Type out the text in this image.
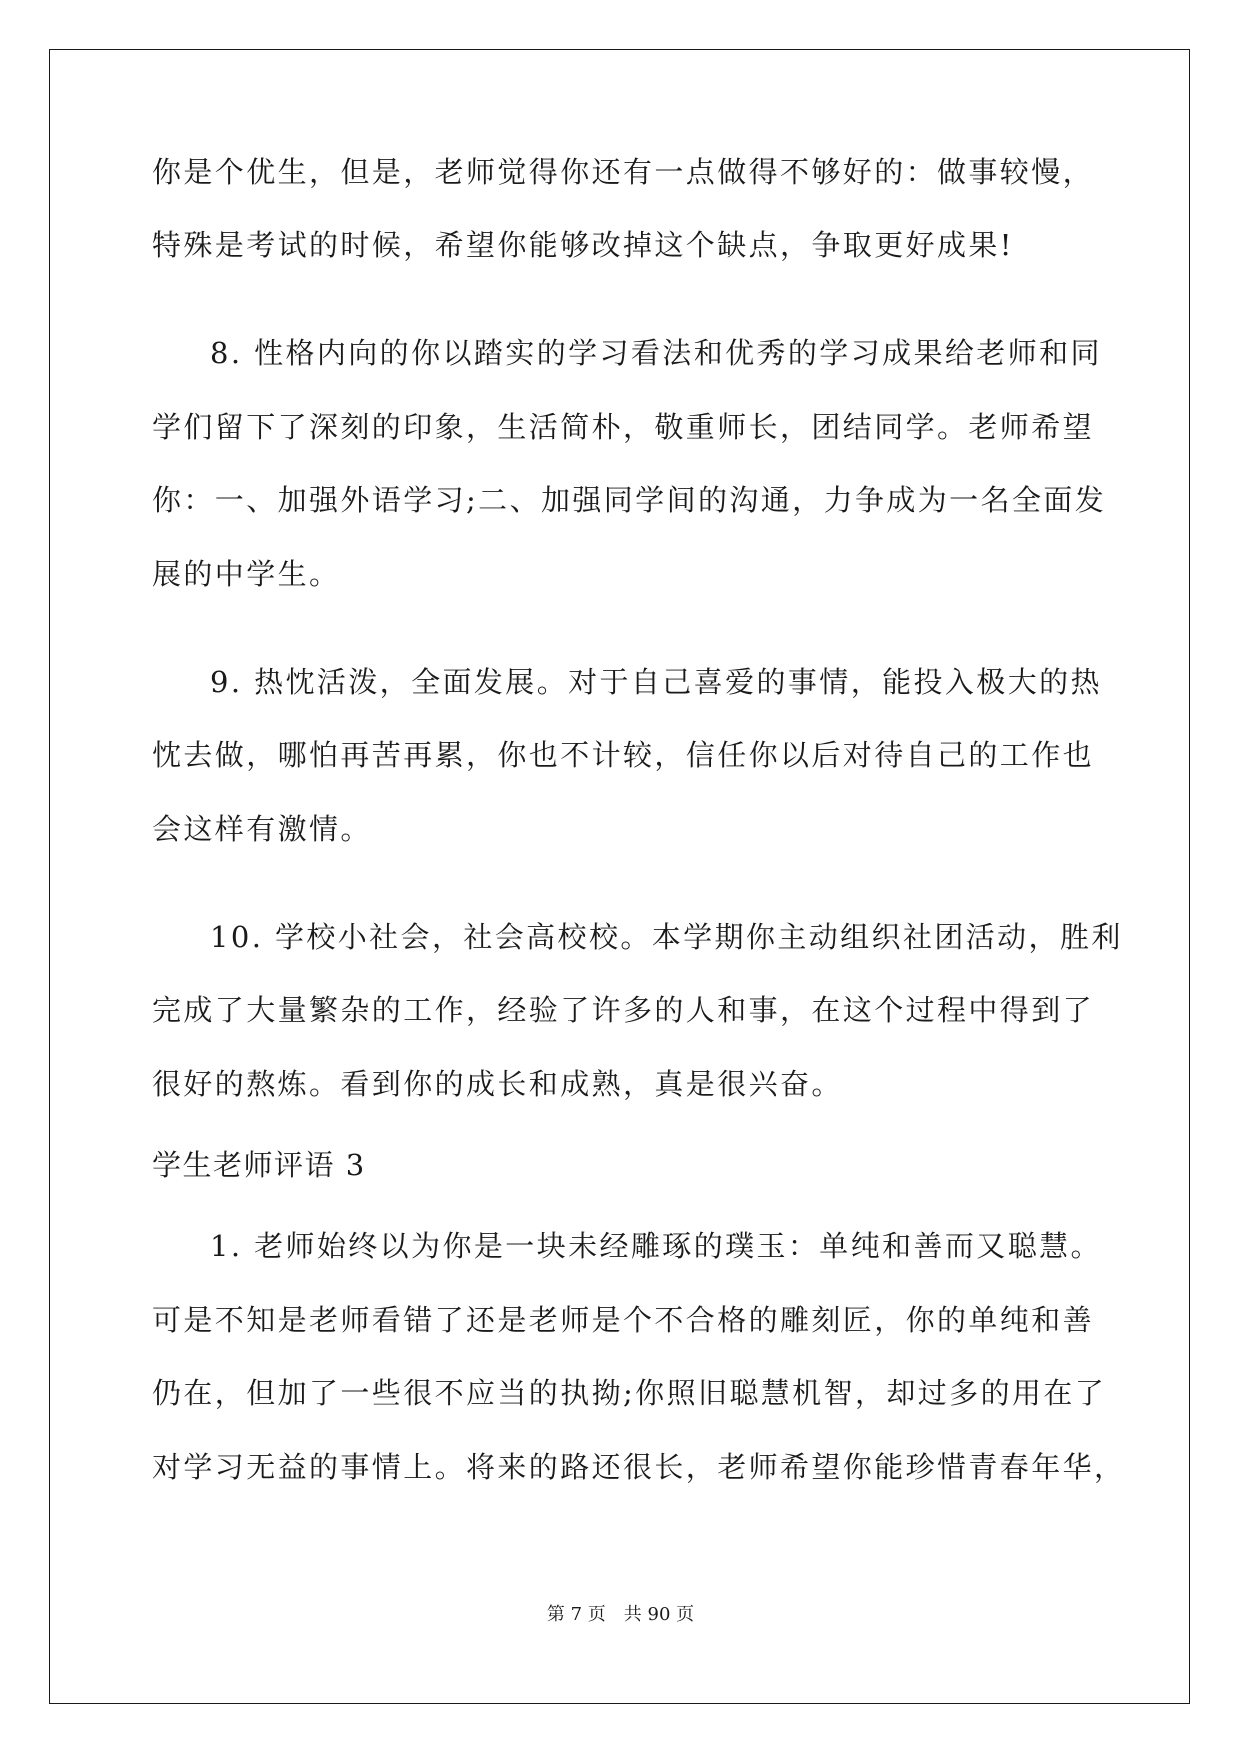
你是个优生，但是，老师觉得你还有一点做得不够好的：做事较慢，
特殊是考试的时候，希望你能够改掉这个缺点，争取更好成果!
8. 性格内向的你以踏实的学习看法和优秀的学习成果给老师和同
学们留下了深刻的印象，生活简朴，敬重师长，团结同学。老师希望
你：一、加强外语学习;二、加强同学间的沟通，力争成为一名全面发
展的中学生。
9. 热忱活泼，全面发展。对于自己喜爱的事情，能投入极大的热
忱去做，哪怕再苦再累，你也不计较，信任你以后对待自己的工作也
会这样有激情。
10. 学校小社会，社会高校校。本学期你主动组织社团活动，胜利
完成了大量繁杂的工作，经验了许多的人和事，在这个过程中得到了
很好的熬炼。看到你的成长和成熟，真是很兴奋。
学生老师评语 3
1. 老师始终以为你是一块未经雕琢的璞玉：单纯和善而又聪慧。
可是不知是老师看错了还是老师是个不合格的雕刻匠，你的单纯和善
仍在，但加了一些很不应当的执拗;你照旧聪慧机智，却过多的用在了
对学习无益的事情上。将来的路还很长，老师希望你能珍惜青春年华，
第 7 页 共 90 页
